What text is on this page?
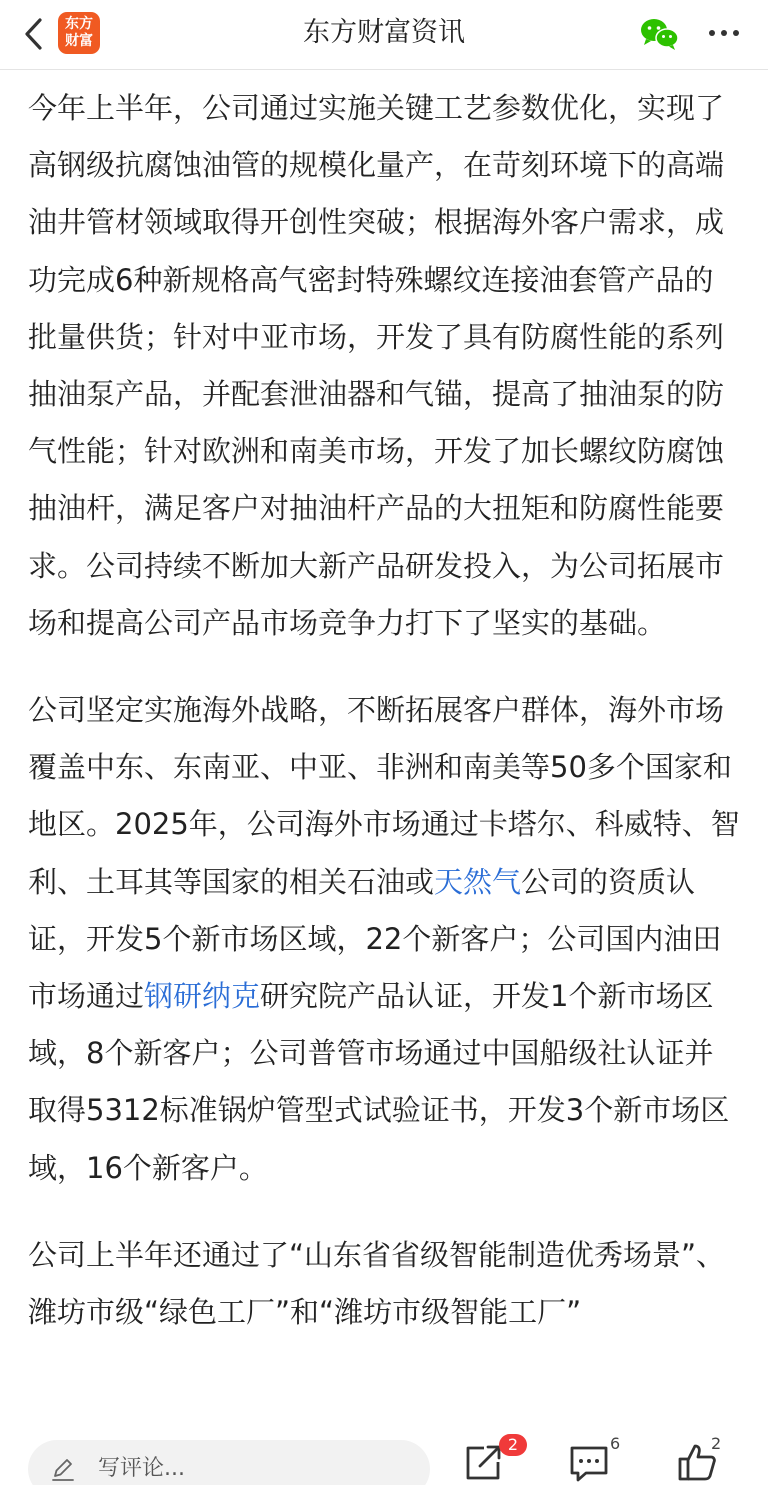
东方
财富	东方财富资讯

今年上半年，公司通过实施关键工艺参数优化，实现了高钢级抗腐蚀油管的规模化量产，在苛刻环境下的高端油井管材领域取得开创性突破；根据海外客户需求，成功完成6种新规格高气密封特殊螺纹连接油套管产品的批量供货；针对中亚市场，开发了具有防腐性能的系列抽油泵产品，并配套泄油器和气锚，提高了抽油泵的防气性能；针对欧洲和南美市场，开发了加长螺纹防腐蚀抽油杆，满足客户对抽油杆产品的大扭矩和防腐性能要求。公司持续不断加大新产品研发投入，为公司拓展市场和提高公司产品市场竞争力打下了坚实的基础。

公司坚定实施海外战略，不断拓展客户群体，海外市场覆盖中东、东南亚、中亚、非洲和南美等50多个国家和地区。2025年，公司海外市场通过卡塔尔、科威特、智利、土耳其等国家的相关石油或天然气公司的资质认证，开发5个新市场区域，22个新客户；公司国内油田市场通过钢研纳克研究院产品认证，开发1个新市场区域，8个新客户；公司普管市场通过中国船级社认证并取得5312标准锅炉管型式试验证书，开发3个新市场区域，16个新客户。

公司上半年还通过了“山东省省级智能制造优秀场景”、潍坊市级“绿色工厂”和“潍坊市级智能工厂”

写评论...
2	6	2
